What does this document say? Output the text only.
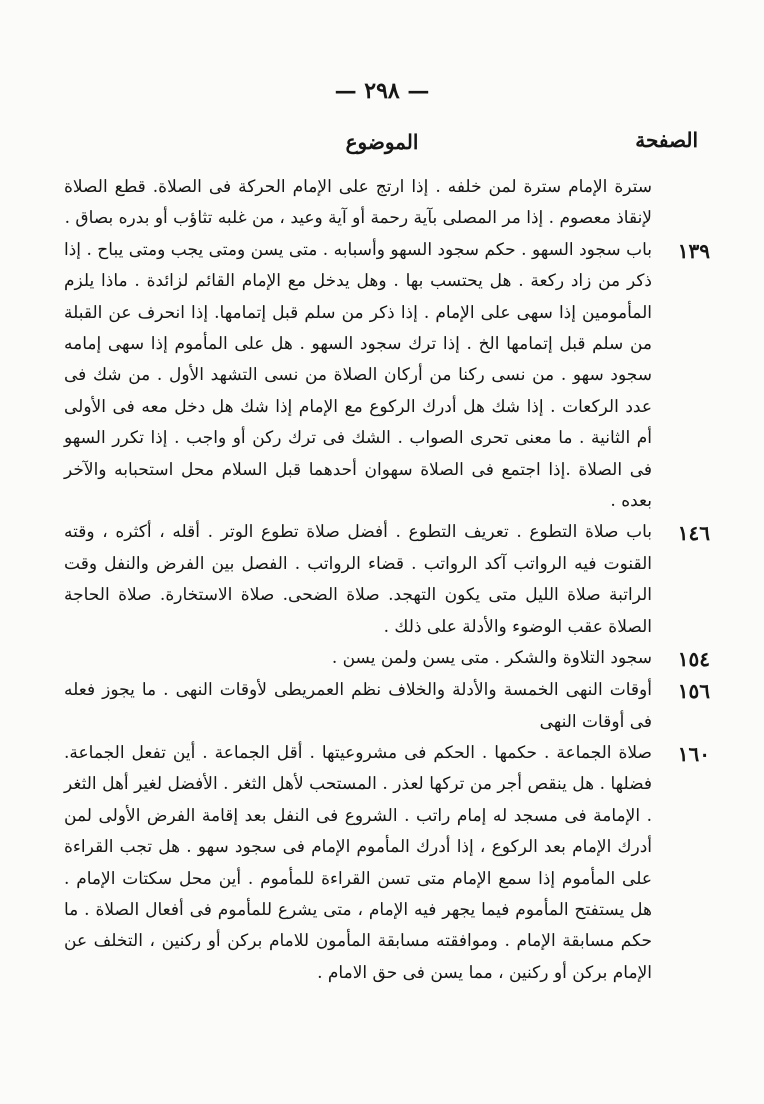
— ٢٩٨ —
الصفحة
الموضوع

سترة الإمام سترة لمن خلفه . إذا ارتج على الإمام الحركة فى الصلاة. قطع الصلاة لإنقاذ معصوم . إذا مر المصلى بآية رحمة أو آية وعيد ، من غلبه تثاؤب أو بدره بصاق .

١٣٩

باب سجود السهو . حكم سجود السهو وأسبابه . متى يسن ومتى يجب ومتى يباح . إذا ذكر من زاد ركعة . هل يحتسب بها . وهل يدخل مع الإمام القائم لزائدة . ماذا يلزم المأمومين إذا سهى على الإمام . إذا ذكر من سلم قبل إتمامها. إذا انحرف عن القبلة من سلم قبل إتمامها الخ . إذا ترك سجود السهو . هل على المأموم إذا سهى إمامه سجود سهو . من نسى ركنا من أركان الصلاة من نسى التشهد الأول . من شك فى عدد الركعات . إذا شك هل أدرك الركوع مع الإمام إذا شك هل دخل معه فى الأولى أم الثانية . ما معنى تحرى الصواب . الشك فى ترك ركن أو واجب . إذا تكرر السهو فى الصلاة .إذا اجتمع فى الصلاة سهوان أحدهما قبل السلام محل استحبابه والآخر بعده .

١٤٦

باب صلاة التطوع . تعريف التطوع . أفضل صلاة تطوع الوتر . أقله ، أكثره ، وقته القنوت فيه الرواتب آكد الرواتب . قضاء الرواتب . الفصل بين الفرض والنفل وقت الراتبة صلاة الليل متى يكون التهجد. صلاة الضحى. صلاة الاستخارة. صلاة الحاجة الصلاة عقب الوضوء والأدلة على ذلك .

١٥٤

سجود التلاوة والشكر . متى يسن ولمن يسن .

١٥٦

أوقات النهى الخمسة والأدلة والخلاف نظم العمريطى لأوقات النهى . ما يجوز فعله فى أوقات النهى

١٦٠

صلاة الجماعة . حكمها . الحكم فى مشروعيتها . أقل الجماعة . أين تفعل الجماعة. فضلها . هل ينقص أجر من تركها لعذر . المستحب لأهل الثغر . الأفضل لغير أهل الثغر . الإمامة فى مسجد له إمام راتب . الشروع فى النفل بعد إقامة الفرض الأولى لمن أدرك الإمام بعد الركوع ، إذا أدرك المأموم الإمام فى سجود سهو . هل تجب القراءة على المأموم إذا سمع الإمام متى تسن القراءة للمأموم . أين محل سكتات الإمام . هل يستفتح المأموم فيما يجهر فيه الإمام ، متى يشرع للمأموم فى أفعال الصلاة . ما حكم مسابقة الإمام . وموافقته مسابقة المأمون للامام بركن أو ركنين ، التخلف عن الإمام بركن أو ركنين ، مما يسن فى حق الامام .
